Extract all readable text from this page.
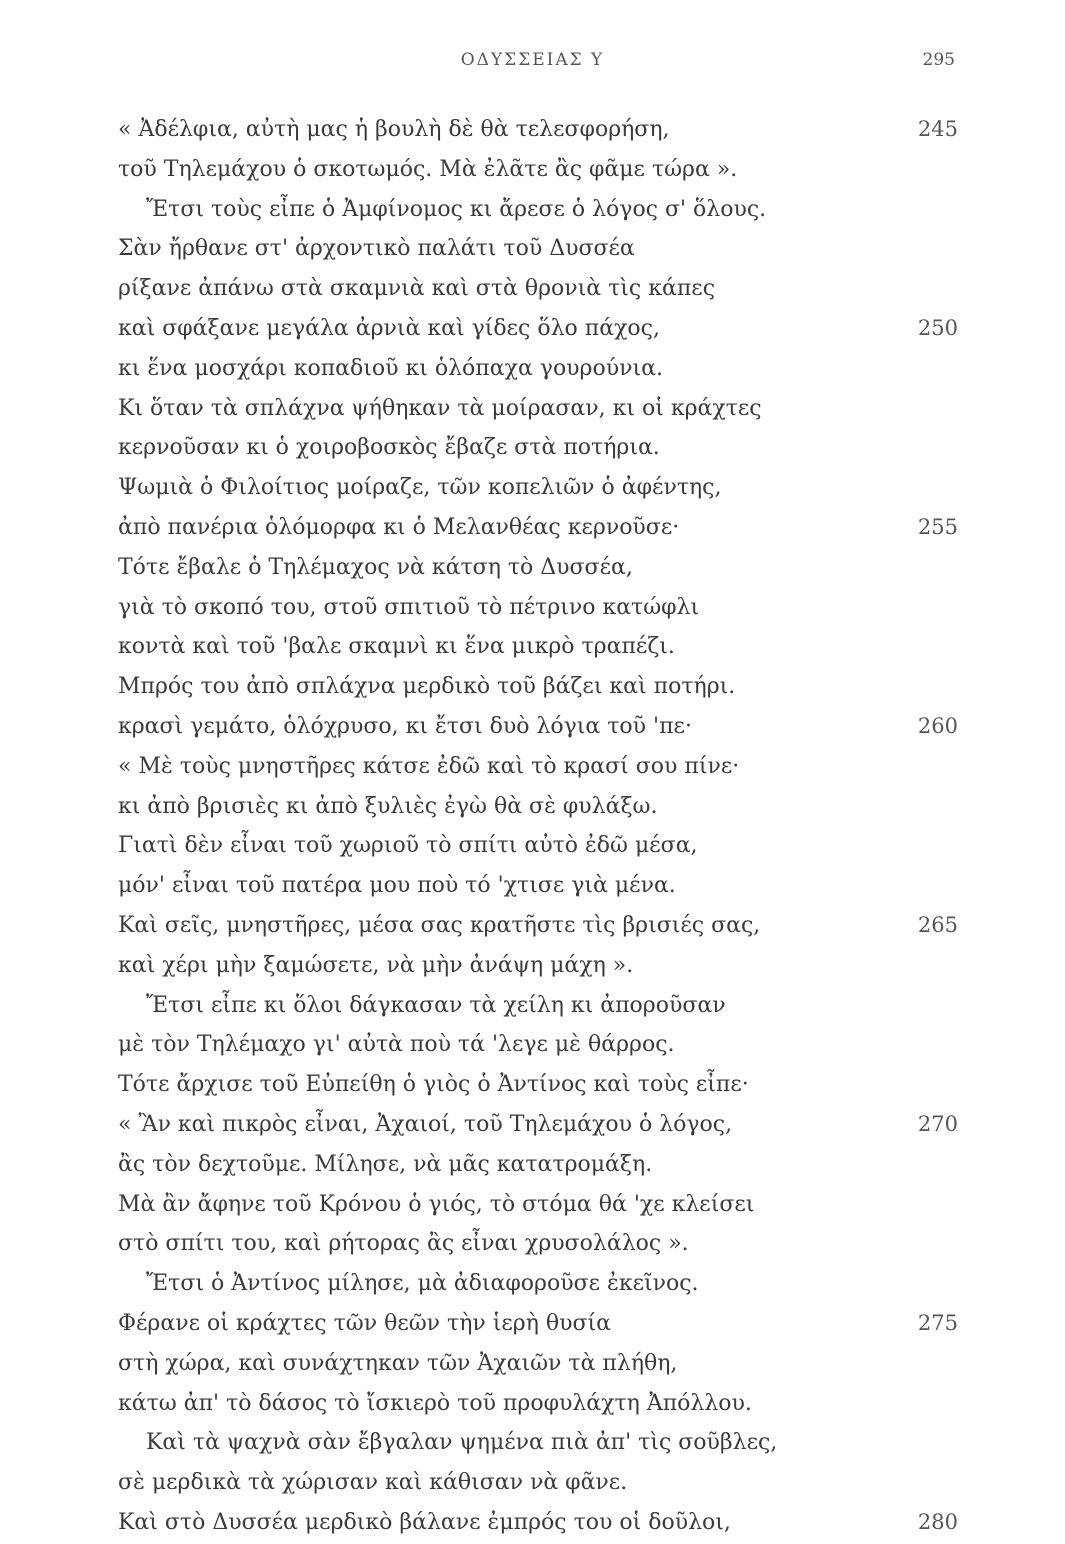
ΟΔΥΣΣΕΙΑΣ Υ	295
« Ἀδέλφια, αὐτὴ μας ἡ βουλὴ δὲ θὰ τελεσφορήση,	245
τοῦ Τηλεμάχου ὁ σκοτωμός. Μὰ ἐλᾶτε ἂς φᾶμε τώρα ».
Ἔτσι τοὺς εἶπε ὁ Ἀμφίνομος κι ἄρεσε ὁ λόγος σ' ὅλους.
Σὰν ἤρθανε στ' ἀρχοντικὸ παλάτι τοῦ Δυσσέα
ρίξανε ἀπάνω στὰ σκαμνιὰ καὶ στὰ θρονιὰ τὶς κάπες
καὶ σφάξανε μεγάλα ἀρνιὰ καὶ γίδες ὅλο πάχος,	250
κι ἕνα μοσχάρι κοπαδιοῦ κι ὁλόπαχα γουρούνια.
Κι ὅταν τὰ σπλάχνα ψήθηκαν τὰ μοίρασαν, κι οἱ κράχτες
κερνοῦσαν κι ὁ χοιροβοσκὸς ἔβαζε στὰ ποτήρια.
Ψωμιὰ ὁ Φιλοίτιος μοίραζε, τῶν κοπελιῶν ὁ ἀφέντης,
ἀπὸ πανέρια ὁλόμορφα κι ὁ Μελανθέας κερνοῦσε·	255
Τότε ἔβαλε ὁ Τηλέμαχος νὰ κάτση τὸ Δυσσέα,
γιὰ τὸ σκοπό του, στοῦ σπιτιοῦ τὸ πέτρινο κατώφλι
κοντὰ καὶ τοῦ 'βαλε σκαμνὶ κι ἕνα μικρὸ τραπέζι.
Μπρός του ἀπὸ σπλάχνα μερδικὸ τοῦ βάζει καὶ ποτήρι.
κρασὶ γεμάτο, ὁλόχρυσο, κι ἔτσι δυὸ λόγια τοῦ 'πε·	260
« Μὲ τοὺς μνηστῆρες κάτσε ἐδῶ καὶ τὸ κρασί σου πίνε·
κι ἀπὸ βρισιὲς κι ἀπὸ ξυλιὲς ἐγὼ θὰ σὲ φυλάξω.
Γιατὶ δὲν εἶναι τοῦ χωριοῦ τὸ σπίτι αὐτὸ ἐδῶ μέσα,
μόν' εἶναι τοῦ πατέρα μου ποὺ τό 'χτισε γιὰ μένα.
Καὶ σεῖς, μνηστῆρες, μέσα σας κρατῆστε τὶς βρισιές σας,	265
καὶ χέρι μὴν ξαμώσετε, νὰ μὴν ἀνάψη μάχη ».
Ἔτσι εἶπε κι ὅλοι δάγκασαν τὰ χείλη κι ἀποροῦσαν
μὲ τὸν Τηλέμαχο γι' αὐτὰ ποὺ τά 'λεγε μὲ θάρρος.
Τότε ἄρχισε τοῦ Εὐπείθη ὁ γιὸς ὁ Ἀντίνος καὶ τοὺς εἶπε·
« Ἂν καὶ πικρὸς εἶναι, Ἀχαιοί, τοῦ Τηλεμάχου ὁ λόγος,	270
ἂς τὸν δεχτοῦμε. Μίλησε, νὰ μᾶς κατατρομάξη.
Μὰ ἂν ἄφηνε τοῦ Κρόνου ὁ γιός, τὸ στόμα θά 'χε κλείσει
στὸ σπίτι του, καὶ ρήτορας ἂς εἶναι χρυσολάλος ».
Ἔτσι ὁ Ἀντίνος μίλησε, μὰ ἀδιαφοροῦσε ἐκεῖνος.
Φέρανε οἱ κράχτες τῶν θεῶν τὴν ἱερὴ θυσία	275
στὴ χώρα, καὶ συνάχτηκαν τῶν Ἀχαιῶν τὰ πλήθη,
κάτω ἀπ' τὸ δάσος τὸ ἴσκιερὸ τοῦ προφυλάχτη Ἀπόλλου.
Καὶ τὰ ψαχνὰ σὰν ἔβγαλαν ψημένα πιὰ ἀπ' τὶς σοῦβλες,
σὲ μερδικὰ τὰ χώρισαν καὶ κάθισαν νὰ φᾶνε.
Καὶ στὸ Δυσσέα μερδικὸ βάλανε ἐμπρός του οἱ δοῦλοι,	280
